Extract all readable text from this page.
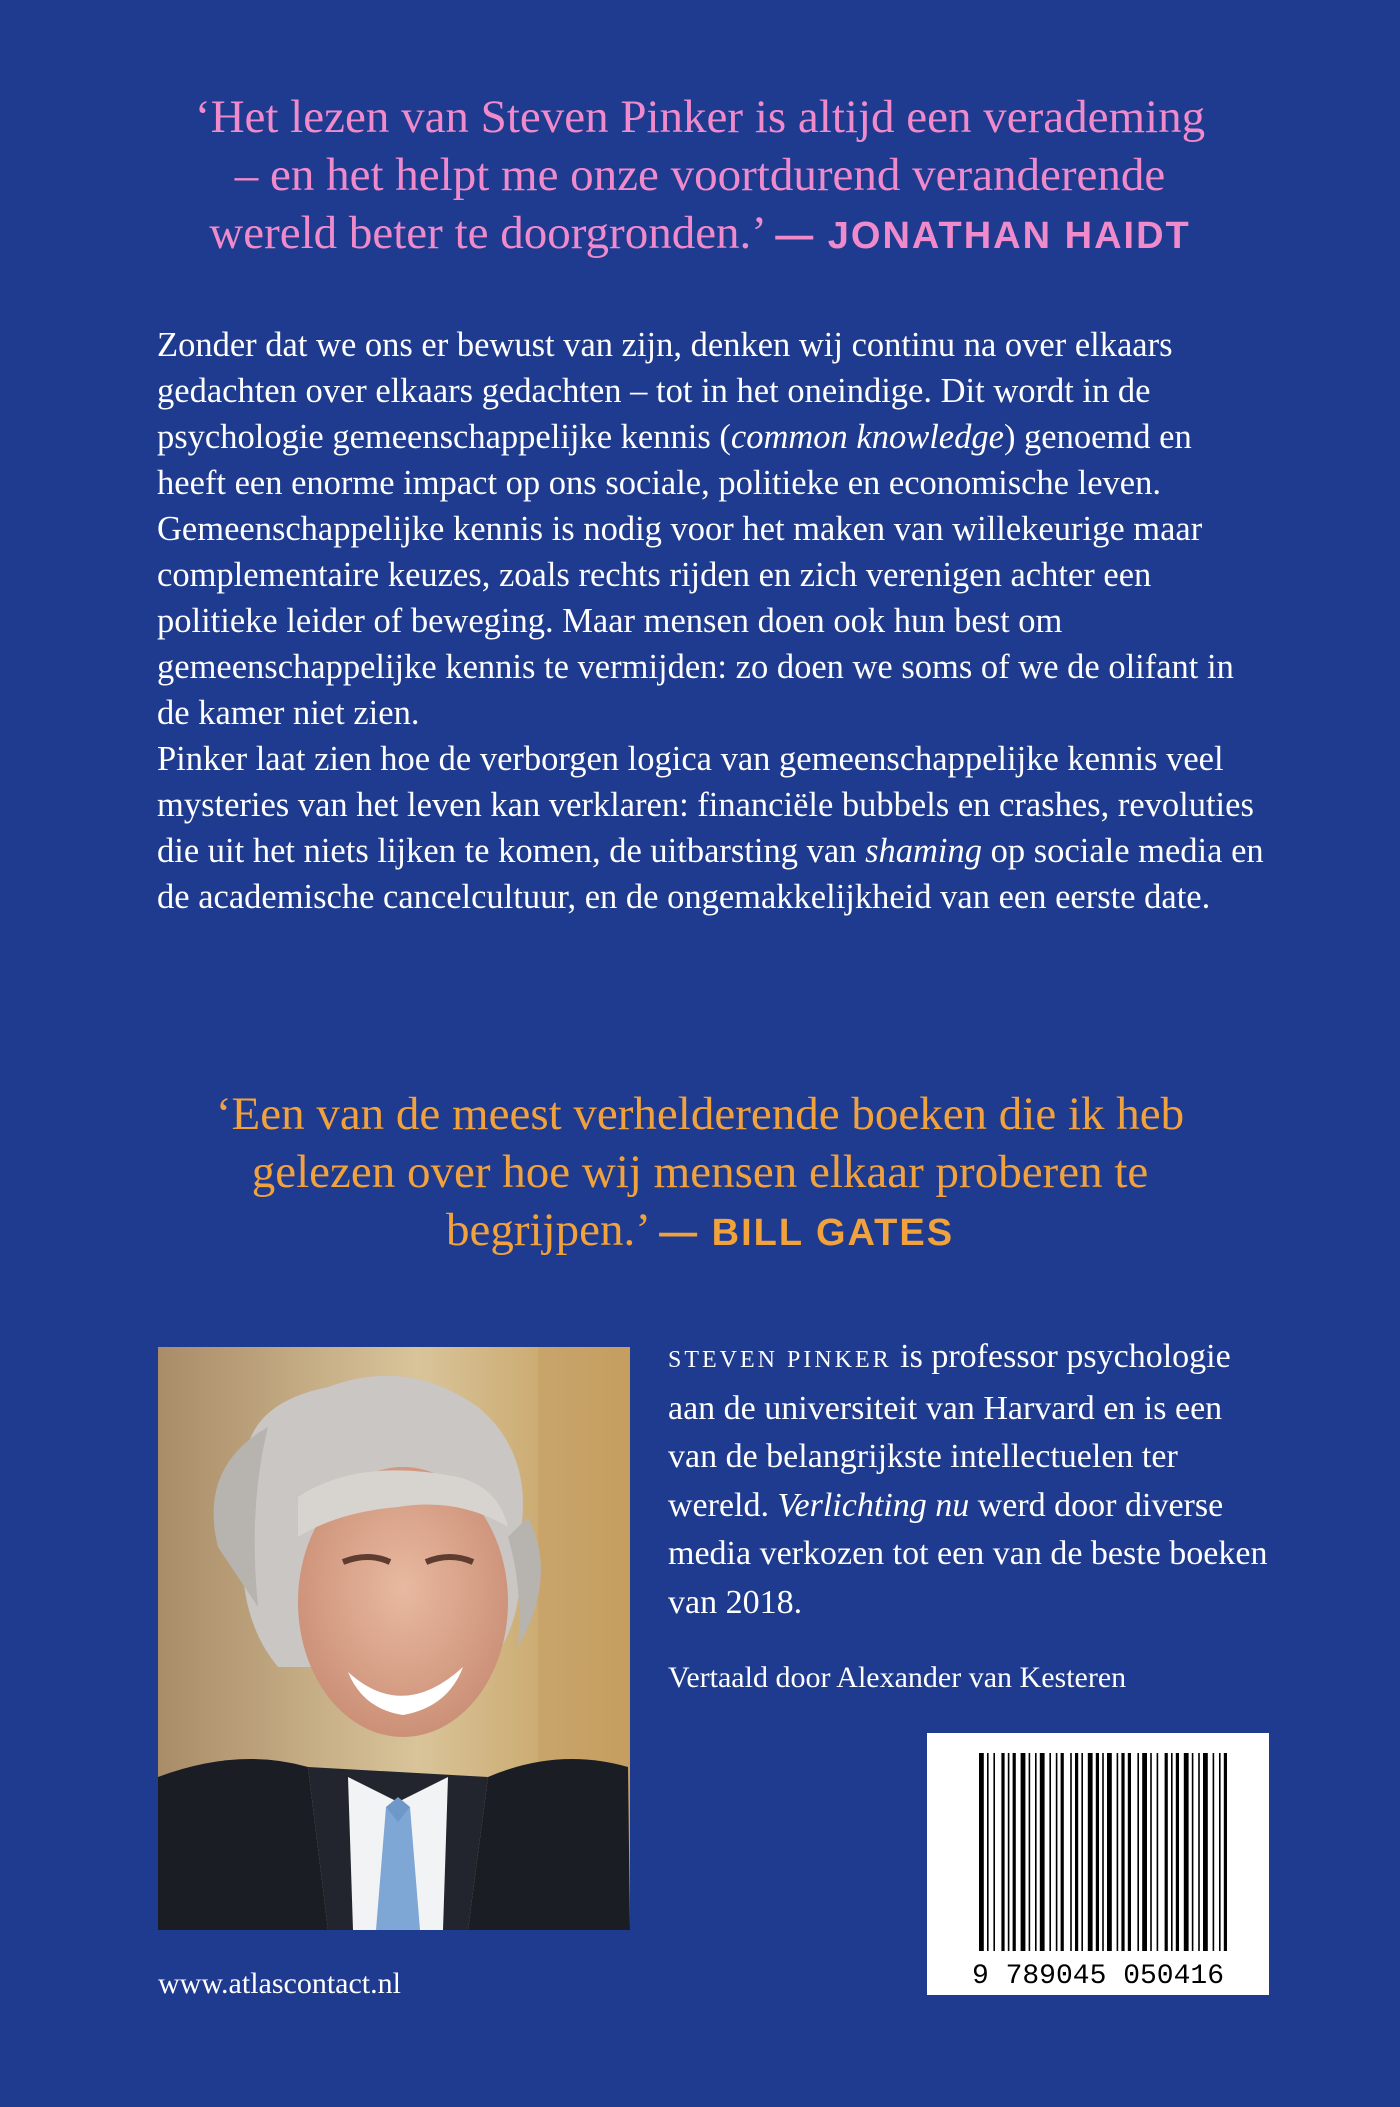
‘Het lezen van Steven Pinker is altijd een verademing
– en het helpt me onze voortdurend veranderende
wereld beter te doorgronden.’ — JONATHAN HAIDT

Zonder dat we ons er bewust van zijn, denken wij continu na over elkaars gedachten over elkaars gedachten – tot in het oneindige. Dit wordt in de psychologie gemeenschappelijke kennis (common knowledge) genoemd en heeft een enorme impact op ons sociale, politieke en economische leven.

Gemeenschappelijke kennis is nodig voor het maken van willekeurige maar complementaire keuzes, zoals rechts rijden en zich verenigen achter een politieke leider of beweging. Maar mensen doen ook hun best om gemeenschappelijke kennis te vermijden: zo doen we soms of we de olifant in de kamer niet zien.

Pinker laat zien hoe de verborgen logica van gemeenschappelijke kennis veel mysteries van het leven kan verklaren: financiële bubbels en crashes, revoluties die uit het niets lijken te komen, de uitbarsting van shaming op sociale media en de academische cancelcultuur, en de ongemakkelijkheid van een eerste date.

‘Een van de meest verhelderende boeken die ik heb
gelezen over hoe wij mensen elkaar proberen te
begrijpen.’ — BILL GATES
STEVEN PINKER is professor psychologie aan de universiteit van Harvard en is een van de belangrijkste intellectuelen ter wereld. Verlichting nu werd door diverse media verkozen tot een van de beste boeken van 2018.
Vertaald door Alexander van Kesteren
9 789045 050416
www.atlascontact.nl
